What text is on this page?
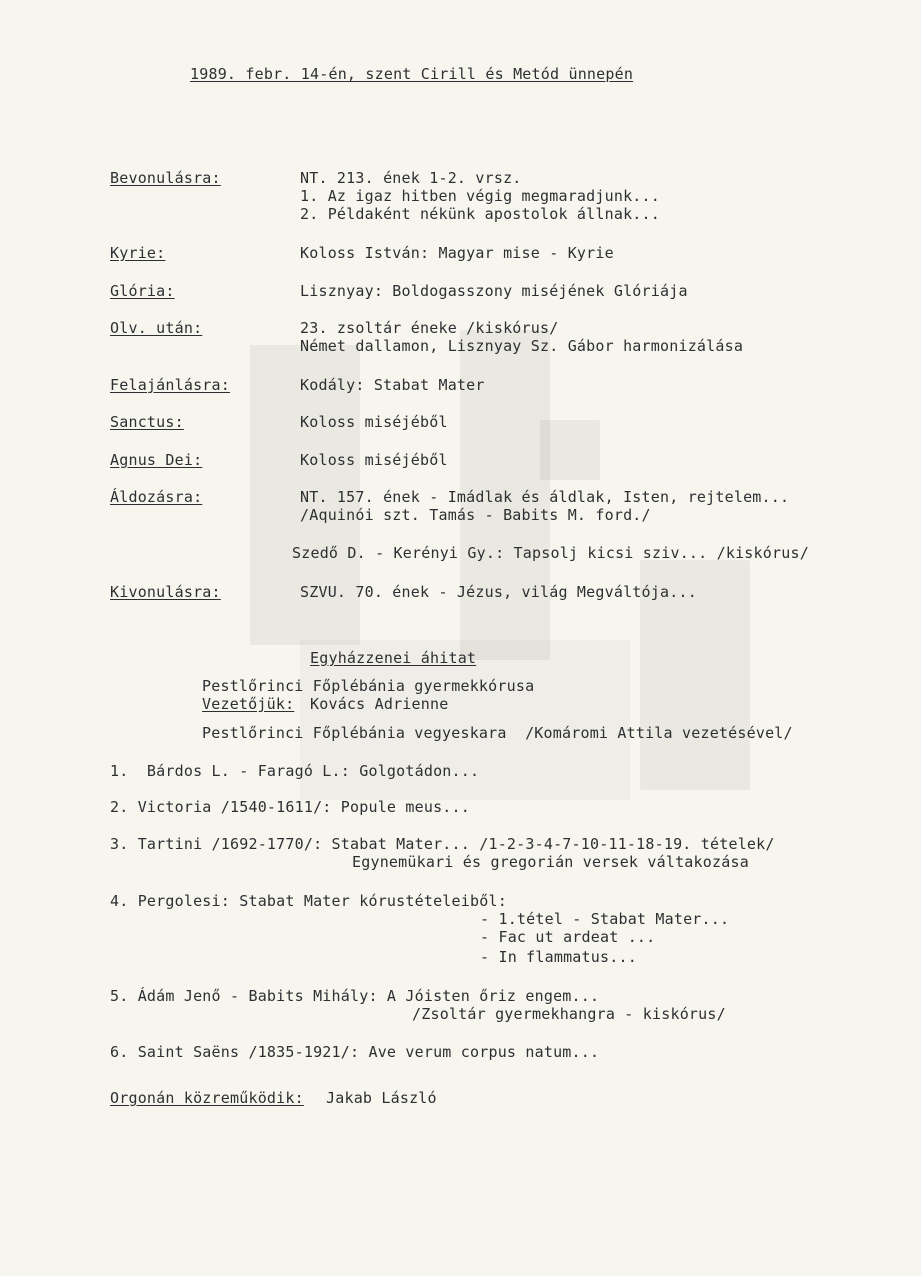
1989. febr. 14-én, szent Cirill és Metód ünnepén
Bevonulásra:	NT. 213. ének 1-2. vrsz.
1. Az igaz hitben végig megmaradjunk...
2. Példaként nékünk apostolok állnak...
Kyrie:	Koloss István: Magyar mise - Kyrie
Glória:	Lisznyay: Boldogasszony miséjének Glóriája
Olv. után:	23. zsoltár éneke /kiskórus/
Német dallamon, Lisznyay Sz. Gábor harmonizálása
Felajánlásra:	Kodály: Stabat Mater
Sanctus:	Koloss miséjéből
Agnus Dei:	Koloss miséjéből
Áldozásra:	NT. 157. ének - Imádlak és áldlak, Isten, rejtelem...
/Aquinói szt. Tamás - Babits M. ford./
Szedő D. - Kerényi Gy.: Tapsolj kicsi sziv... /kiskórus/
Kivonulásra:	SZVU. 70. ének - Jézus, világ Megváltója...
Egyházzenei áhitat
Pestlőrinci Főplébánia gyermekkórusa
Vezetőjük: Kovács Adrienne
Pestlőrinci Főplébánia vegyeskara  /Komáromi Attila vezetésével/
1.  Bárdos L. - Faragó L.: Golgotádon...
2. Victoria /1540-1611/: Popule meus...
3. Tartini /1692-1770/: Stabat Mater... /1-2-3-4-7-10-11-18-19. tételek/
Egynemükari és gregorián versek váltakozása
4. Pergolesi: Stabat Mater kórustételeiből:
- 1.tétel - Stabat Mater...
- Fac ut ardeat ...
- In flammatus...
5. Ádám Jenő - Babits Mihály: A Jóisten őriz engem...
/Zsoltár gyermekhangra - kiskórus/
6. Saint Saëns /1835-1921/: Ave verum corpus natum...
Orgonán közreműködik: Jakab László
